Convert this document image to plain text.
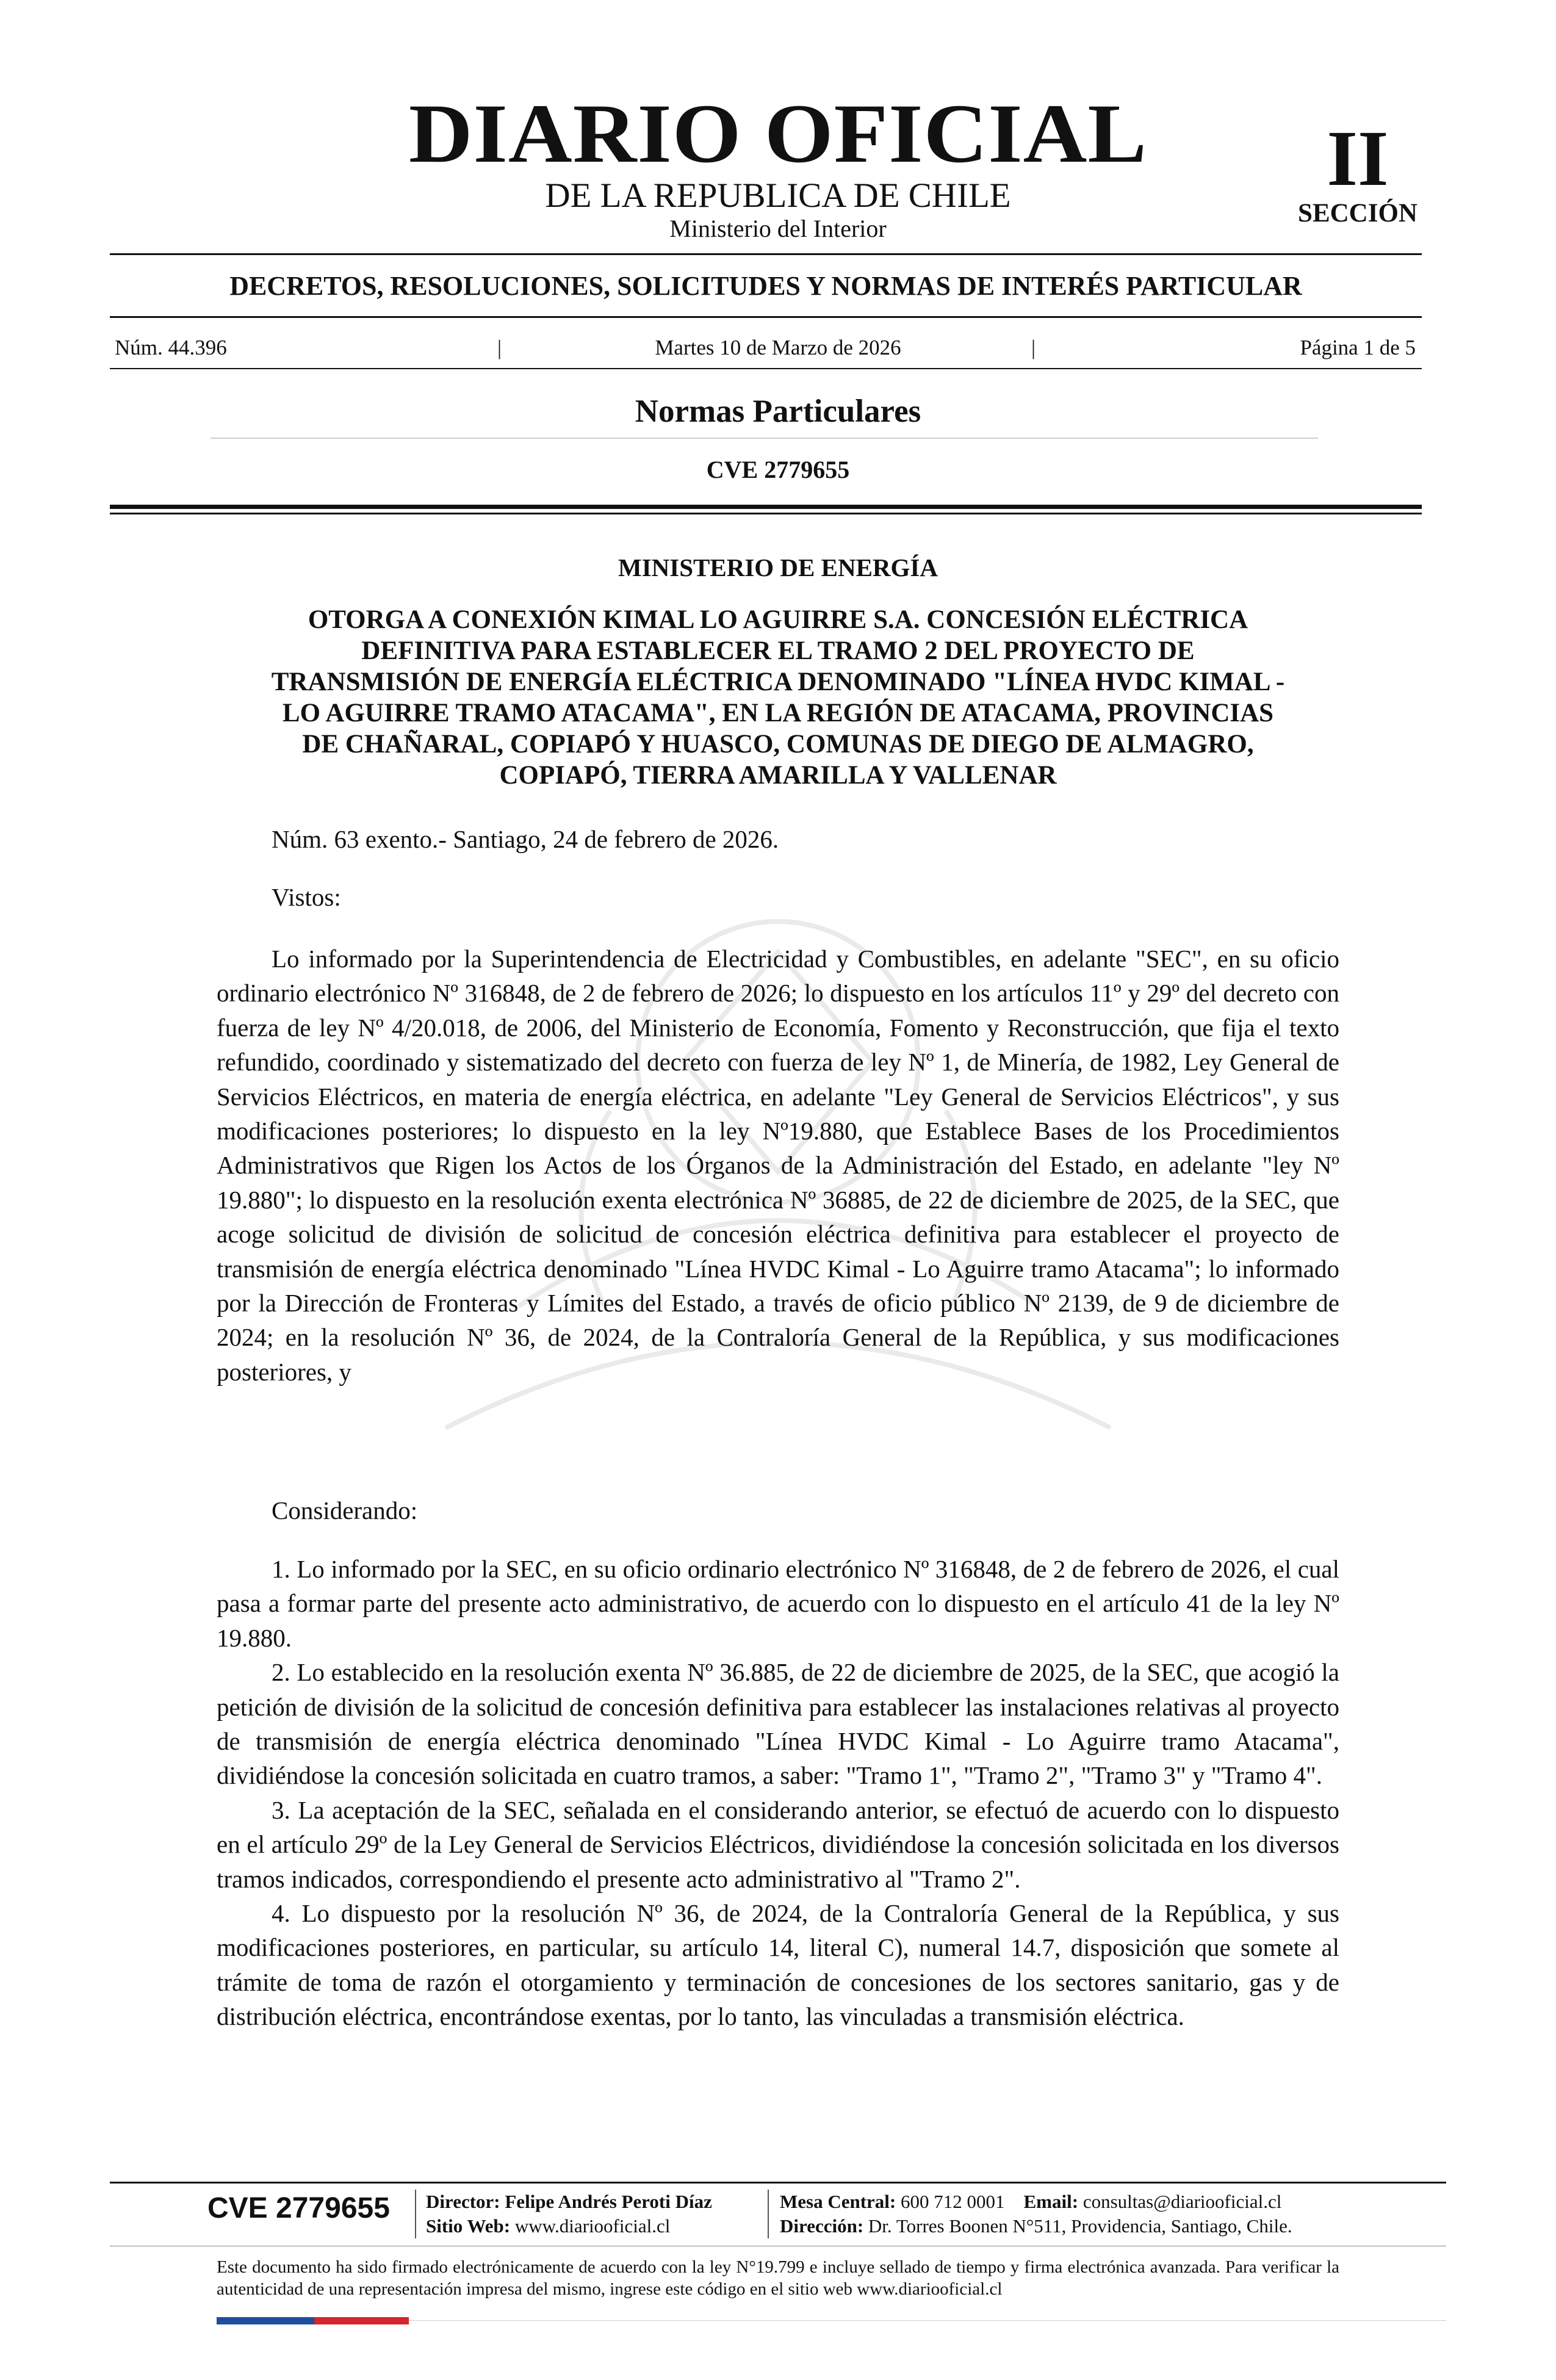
DIARIO OFICIAL
DE LA REPUBLICA DE CHILE
Ministerio del Interior
II
SECCIÓN
DECRETOS, RESOLUCIONES, SOLICITUDES Y NORMAS DE INTERÉS PARTICULAR
Núm. 44.396	|	Martes 10 de Marzo de 2026	|	Página 1 de 5
Normas Particulares
CVE 2779655
MINISTERIO DE ENERGÍA
OTORGA A CONEXIÓN KIMAL LO AGUIRRE S.A. CONCESIÓN ELÉCTRICA
DEFINITIVA PARA ESTABLECER EL TRAMO 2 DEL PROYECTO DE
TRANSMISIÓN DE ENERGÍA ELÉCTRICA DENOMINADO "LÍNEA HVDC KIMAL -
LO AGUIRRE TRAMO ATACAMA", EN LA REGIÓN DE ATACAMA, PROVINCIAS
DE CHAÑARAL, COPIAPÓ Y HUASCO, COMUNAS DE DIEGO DE ALMAGRO,
COPIAPÓ, TIERRA AMARILLA Y VALLENAR
Núm. 63 exento.- Santiago, 24 de febrero de 2026.
Vistos:

Lo informado por la Superintendencia de Electricidad y Combustibles, en adelante "SEC", en su oficio ordinario electrónico Nº 316848, de 2 de febrero de 2026; lo dispuesto en los artículos 11º y 29º del decreto con fuerza de ley Nº 4/20.018, de 2006, del Ministerio de Economía, Fomento y Reconstrucción, que fija el texto refundido, coordinado y sistematizado del decreto con fuerza de ley Nº 1, de Minería, de 1982, Ley General de Servicios Eléctricos, en materia de energía eléctrica, en adelante "Ley General de Servicios Eléctricos", y sus modificaciones posteriores; lo dispuesto en la ley Nº19.880, que Establece Bases de los Procedimientos Administrativos que Rigen los Actos de los Órganos de la Administración del Estado, en adelante "ley Nº 19.880"; lo dispuesto en la resolución exenta electrónica Nº 36885, de 22 de diciembre de 2025, de la SEC, que acoge solicitud de división de solicitud de concesión eléctrica definitiva para establecer el proyecto de transmisión de energía eléctrica denominado "Línea HVDC Kimal - Lo Aguirre tramo Atacama"; lo informado por la Dirección de Fronteras y Límites del Estado, a través de oficio público Nº 2139, de 9 de diciembre de 2024; en la resolución Nº 36, de 2024, de la Contraloría General de la República, y sus modificaciones posteriores, y

Considerando:

1. Lo informado por la SEC, en su oficio ordinario electrónico Nº 316848, de 2 de febrero de 2026, el cual pasa a formar parte del presente acto administrativo, de acuerdo con lo dispuesto en el artículo 41 de la ley Nº 19.880.

2. Lo establecido en la resolución exenta Nº 36.885, de 22 de diciembre de 2025, de la SEC, que acogió la petición de división de la solicitud de concesión definitiva para establecer las instalaciones relativas al proyecto de transmisión de energía eléctrica denominado "Línea HVDC Kimal - Lo Aguirre tramo Atacama", dividiéndose la concesión solicitada en cuatro tramos, a saber: "Tramo 1", "Tramo 2", "Tramo 3" y "Tramo 4".

3. La aceptación de la SEC, señalada en el considerando anterior, se efectuó de acuerdo con lo dispuesto en el artículo 29º de la Ley General de Servicios Eléctricos, dividiéndose la concesión solicitada en los diversos tramos indicados, correspondiendo el presente acto administrativo al "Tramo 2".

4. Lo dispuesto por la resolución Nº 36, de 2024, de la Contraloría General de la República, y sus modificaciones posteriores, en particular, su artículo 14, literal C), numeral 14.7, disposición que somete al trámite de toma de razón el otorgamiento y terminación de concesiones de los sectores sanitario, gas y de distribución eléctrica, encontrándose exentas, por lo tanto, las vinculadas a transmisión eléctrica.

CVE 2779655 Director: Felipe Andrés Peroti Díaz
Sitio Web: www.diariooficial.cl
Mesa Central: 600 712 0001 Email: consultas@diariooficial.cl
Dirección: Dr. Torres Boonen N°511, Providencia, Santiago, Chile.
Este documento ha sido firmado electrónicamente de acuerdo con la ley N°19.799 e incluye sellado de tiempo y firma electrónica avanzada. Para verificar la autenticidad de una representación impresa del mismo, ingrese este código en el sitio web www.diariooficial.cl
